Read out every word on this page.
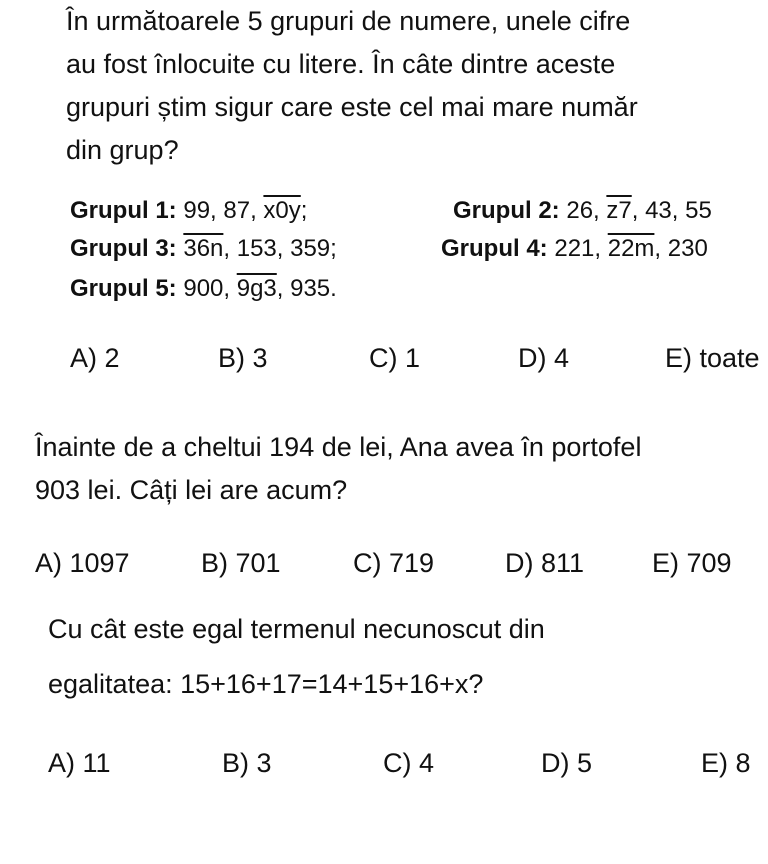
În următoarele 5 grupuri de numere, unele cifre
au fost înlocuite cu litere. În câte dintre aceste
grupuri știm sigur care este cel mai mare număr
din grup?
Grupul 1: 99, 87, x0y;	Grupul 2: 26, z7, 43, 55
Grupul 3: 36n, 153, 359;	Grupul 4: 221, 22m, 230
Grupul 5: 900, 9g3, 935.
A) 2	B) 3	C) 1	D) 4	E) toate
Înainte de a cheltui 194 de lei, Ana avea în portofel
903 lei. Câți lei are acum?
A) 1097	B) 701	C) 719	D) 811	E) 709
Cu cât este egal termenul necunoscut din
egalitatea: 15+16+17=14+15+16+x?
A) 11	B) 3	C) 4	D) 5	E) 8
